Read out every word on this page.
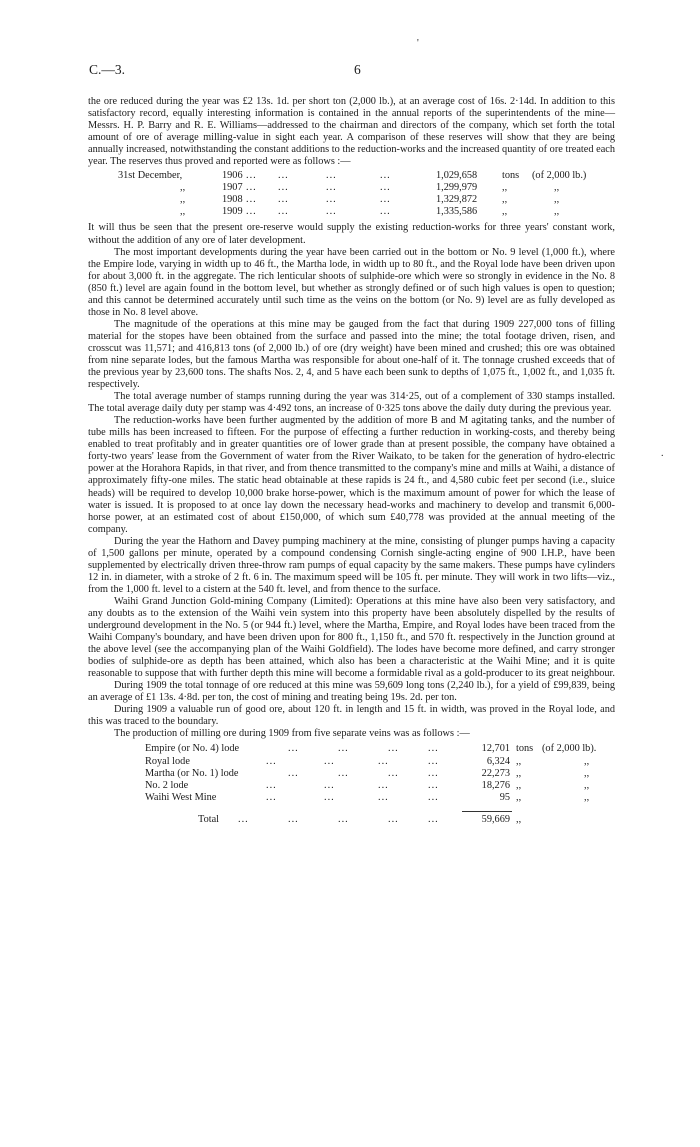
'
C.—3.	6
.

the ore reduced during the year was £2 13s. 1d. per short ton (2,000 lb.), at an average cost of 16s. 2·14d. In addition to this satisfactory record, equally interesting information is contained in the annual reports of the superintendents of the mine—Messrs. H. P. Barry and R. E. Williams—addressed to the chairman and directors of the company, which set forth the total amount of ore of average milling-value in sight each year. A comparison of these reserves will show that they are being annually increased, notwithstanding the constant additions to the reduction-works and the increased quantity of ore treated each year. The reserves thus proved and reported were as follows :—

31st December,	1906 ... ...	...	...	1,029,658 tons (of 2,000 lb.)
,,	1907 ... ...	...	...	1,299,979 ,,	,,
,,	1908 ... ...	...	...	1,329,872 ,,	,,
,,	1909 ... ...	...	...	1,335,586 ,,	,,

It will thus be seen that the present ore-reserve would supply the existing reduction-works for three years' constant work, without the addition of any ore of later development.

The most important developments during the year have been carried out in the bottom or No. 9 level (1,000 ft.), where the Empire lode, varying in width up to 46 ft., the Martha lode, in width up to 80 ft., and the Royal lode have been driven upon for about 3,000 ft. in the aggregate. The rich lenticular shoots of sulphide-ore which were so strongly in evidence in the No. 8 (850 ft.) level are again found in the bottom level, but whether as strongly defined or of such high values is open to question; and this cannot be determined accurately until such time as the veins on the bottom (or No. 9) level are as fully developed as those in No. 8 level above.

The magnitude of the operations at this mine may be gauged from the fact that during 1909 227,000 tons of filling material for the stopes have been obtained from the surface and passed into the mine; the total footage driven, risen, and crosscut was 11,571; and 416,813 tons (of 2,000 lb.) of ore (dry weight) have been mined and crushed; this ore was obtained from nine separate lodes, but the famous Martha was responsible for about one-half of it. The tonnage crushed exceeds that of the previous year by 23,600 tons. The shafts Nos. 2, 4, and 5 have each been sunk to depths of 1,075 ft., 1,002 ft., and 1,035 ft. respectively.

The total average number of stamps running during the year was 314·25, out of a complement of 330 stamps installed. The total average daily duty per stamp was 4·492 tons, an increase of 0·325 tons above the daily duty during the previous year.

The reduction-works have been further augmented by the addition of more B and M agitating tanks, and the number of tube mills has been increased to fifteen. For the purpose of effecting a further reduction in working-costs, and thereby being enabled to treat profitably and in greater quantities ore of lower grade than at present possible, the company have obtained a forty-two years' lease from the Government of water from the River Waikato, to be taken for the generation of hydro-electric power at the Horahora Rapids, in that river, and from thence transmitted to the company's mine and mills at Waihi, a distance of approximately fifty-one miles. The static head obtainable at these rapids is 24 ft., and 4,580 cubic feet per second (i.e., sluice heads) will be required to develop 10,000 brake horse-power, which is the maximum amount of power for which the lease of water is issued. It is proposed to at once lay down the necessary head-works and machinery to develop and transmit 6,000-horse power, at an estimated cost of about £150,000, of which sum £40,778 was provided at the annual meeting of the company.

During the year the Hathorn and Davey pumping machinery at the mine, consisting of plunger pumps having a capacity of 1,500 gallons per minute, operated by a compound condensing Cornish single-acting engine of 900 I.H.P., have been supplemented by electrically driven three-throw ram pumps of equal capacity by the same makers. These pumps have cylinders 12 in. in diameter, with a stroke of 2 ft. 6 in. The maximum speed will be 105 ft. per minute. They will work in two lifts—viz., from the 1,000 ft. level to a cistern at the 540 ft. level, and from thence to the surface.

Waihi Grand Junction Gold-mining Company (Limited): Operations at this mine have also been very satisfactory, and any doubts as to the extension of the Waihi vein system into this property have been absolutely dispelled by the results of underground development in the No. 5 (or 944 ft.) level, where the Martha, Empire, and Royal lodes have been traced from the Waihi Company's boundary, and have been driven upon for 800 ft., 1,150 ft., and 570 ft. respectively in the Junction ground at the above level (see the accompanying plan of the Waihi Goldfield). The lodes have become more defined, and carry stronger bodies of sulphide-ore as depth has been attained, which also has been a characteristic at the Waihi Mine; and it is quite reasonable to suppose that with further depth this mine will become a formidable rival as a gold-producer to its great neighbour.

During 1909 the total tonnage of ore reduced at this mine was 59,609 long tons (2,240 lb.), for a yield of £99,839, being an average of £1 13s. 4·8d. per ton, the cost of mining and treating being 19s. 2d. per ton.

During 1909 a valuable run of good ore, about 120 ft. in length and 15 ft. in width, was proved in the Royal lode, and this was traced to the boundary.

The production of milling ore during 1909 from five separate veins was as follows :—

Empire (or No. 4) lode	...	...	...	...	12,701 tons (of 2,000 lb).
Royal lode	...	...	...	...	6,324 ,,	,,
Martha (or No. 1) lode	...	...	...	...	22,273 ,,	,,
No. 2 lode	...	...	...	...	18,276 ,,	,,
Waihi West Mine	...	...	...	...	95 ,,	,,
Total ...	...	...	...	...	59,669 ,,
